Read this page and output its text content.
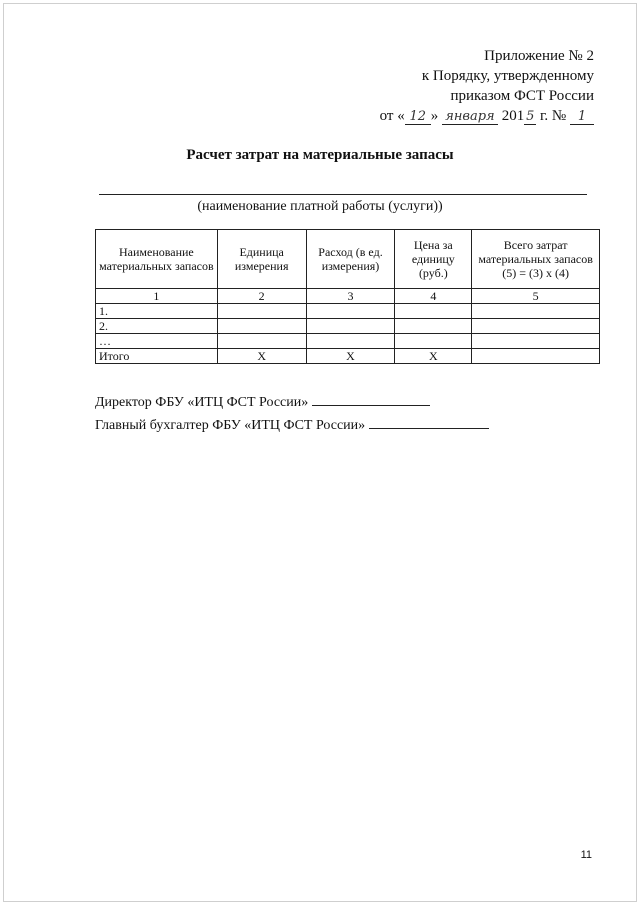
Приложение № 2
к Порядку, утвержденному
приказом ФСТ России
от « 12 » января 201 5 г. № 1
Расчет затрат на материальные запасы
(наименование платной работы (услуги))
Наименование материальных запасов	Единица измерения	Расход (в ед. измерения)	Цена за единицу (руб.)	Всего затрат материальных запасов (5) = (3) х (4)
1	2	3	4	5
1.				
2.				
…				
Итого	Х	Х	Х	
Директор ФБУ «ИТЦ ФСТ России»
Главный бухгалтер ФБУ «ИТЦ ФСТ России»
11
